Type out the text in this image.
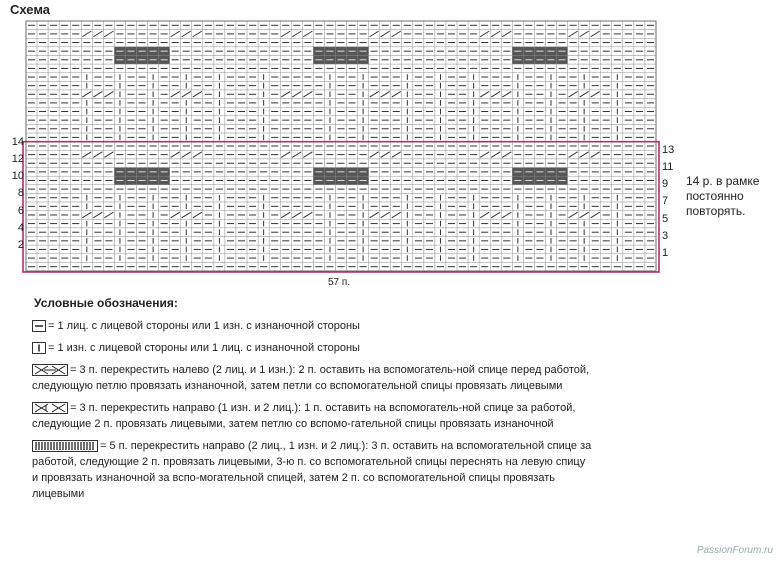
Схема
14
12
10
8
6
4
2
13
11
9
7
5
3
1
57 п.
14 р. в рамке постоянно повторять.
Условные обозначения:
= 1 лиц. с лицевой стороны или 1 изн. с изнаночной стороны
= 1 изн. с лицевой стороны или 1 лиц. с изнаночной стороны
= 3 п. перекрестить налево (2 лиц. и 1 изн.): 2 п. оставить на вспомогатель-ной спице перед работой, следующую петлю провязать изнаночной, затем петли со вспомогательной спицы провязать лицевыми
= 3 п. перекрестить направо (1 изн. и 2 лиц.): 1 п. оставить на вспомогатель-ной спице за работой, следующие 2 п. провязать лицевыми, затем петлю со вспомо-гательной спицы провязать изнаночной
= 5 п. перекрестить направо (2 лиц., 1 изн. и 2 лиц.): 3 п. оставить на вспомогательной спице за работой, следующие 2 п. провязать лицевыми, 3-ю п. со вспомогательной спицы переснять на левую спицу и провязать изнаночной за вспо-могательной спицей, затем 2 п. со вспомогательной спицы провязать лицевыми
PassionForum.ru
